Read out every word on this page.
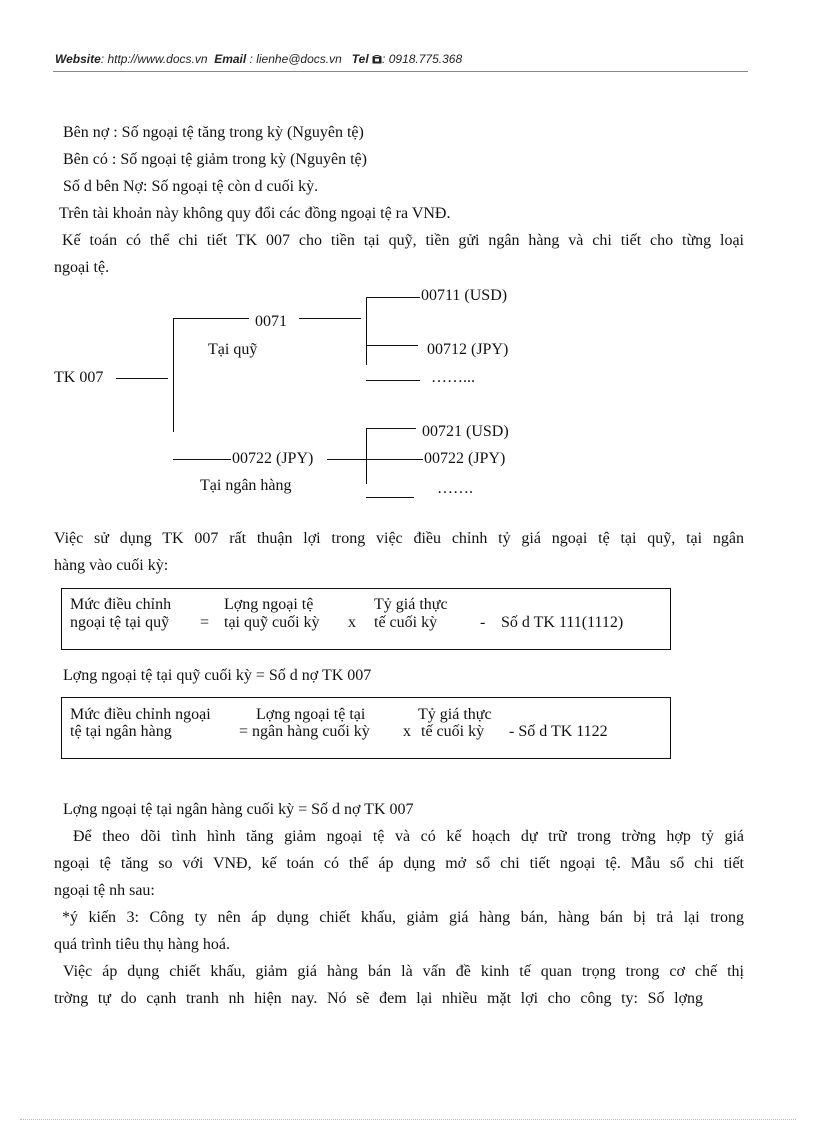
Website: http://www.docs.vn Email : lienhe@docs.vn Tel : 0918.775.368
Bên nợ : Số ngoại tệ tăng trong kỳ (Nguyên tệ)
Bên có : Số ngoại tệ giảm trong kỳ (Nguyên tệ)
Số d bên Nợ: Số ngoại tệ còn d cuối kỳ.
Trên tài khoản này không quy đổi các đồng ngoại tệ ra VNĐ.
Kế toán có thể chi tiết TK 007 cho tiền tại quỹ, tiền gửi ngân hàng và chi tiết cho từng loại
ngoại tệ.
TK 007
0071
Tại quỹ
00711 (USD)
00712 (JPY)
……...
00722 (JPY)
Tại ngân hàng
00721 (USD)
00722 (JPY)
…….
Việc sử dụng TK 007 rất thuận lợi trong việc điều chỉnh tỷ giá ngoại tệ tại quỹ, tại ngân
hàng vào cuối kỳ:
Mức điều chỉnh	Lợng ngoại tệ	Tỷ giá thực
ngoại tệ tại quỹ = tại quỹ cuối kỳ x tế cuối kỳ	- Số d TK 111(1112)
Lợng ngoại tệ tại quỹ cuối kỳ = Số d nợ TK 007
Mức điều chỉnh ngoại	Lợng ngoại tệ tại	Tỷ giá thực
tệ tại ngân hàng	= ngân hàng cuối kỳ x tế cuối kỳ - Số d TK 1122
Lợng ngoại tệ tại ngân hàng cuối kỳ = Số d nợ TK 007
Để theo dõi tình hình tăng giảm ngoại tệ và có kế hoạch dự trữ trong trờng hợp tỷ giá
ngoại tệ tăng so với VNĐ, kế toán có thể áp dụng mở sổ chi tiết ngoại tệ. Mẫu sổ chi tiết
ngoại tệ nh sau:
*ý kiến 3: Công ty nên áp dụng chiết khấu, giảm giá hàng bán, hàng bán bị trả lại trong
quá trình tiêu thụ hàng hoá.
Việc áp dụng chiết khấu, giảm giá hàng bán là vấn đề kinh tế quan trọng trong cơ chế thị
trờng tự do cạnh tranh nh hiện nay. Nó sẽ đem lại nhiều mặt lợi cho công ty: Số lợng
